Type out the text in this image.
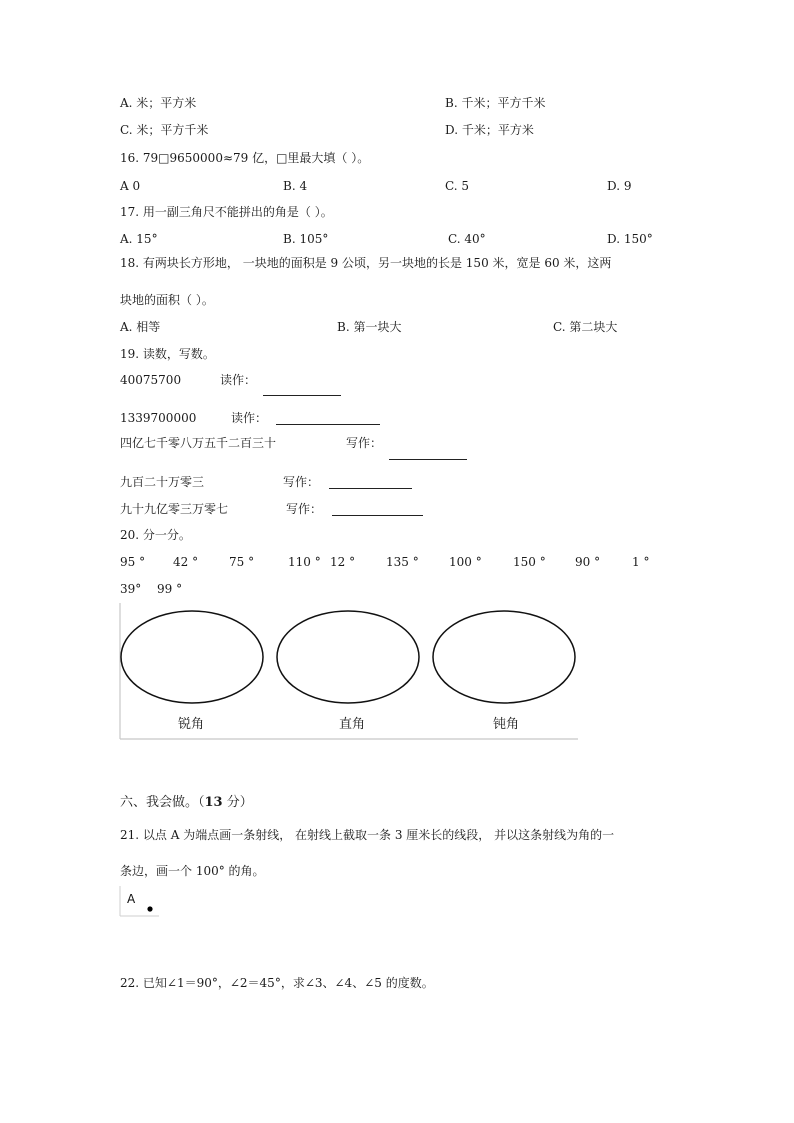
A. 米；平方米	B. 千米；平方千米
C. 米；平方千米	D. 千米；平方米
16. 79□9650000≈79 亿，□里最大填（ ）。
A 0	B. 4	C. 5	D. 9
17. 用一副三角尺不能拼出的角是（ ）。
A. 15°	B. 105°	C. 40°	D. 150°
18. 有两块长方形地， 一块地的面积是 9 公顷，另一块地的长是 150 米，宽是 60 米，这两
块地的面积（ ）。
A. 相等	B. 第一块大	C. 第二块大
19. 读数，写数。
40075700	读作：
1339700000	读作：
四亿七千零八万五千二百三十	写作：
九百二十万零三	写作：
九十九亿零三万零七	写作：
20. 分一分。
95 ° 42 °	75 °	110 ° 12 °	135 °	100 °	150 ° 90 °	1 °
39° 99 °
锐角	直角	钝角
六、我会做。（13 分）
21. 以点 A 为端点画一条射线， 在射线上截取一条 3 厘米长的线段， 并以这条射线为角的一
条边，画一个 100° 的角。
A
22. 已知∠1＝90°，∠2＝45°，求∠3、∠4、∠5 的度数。
